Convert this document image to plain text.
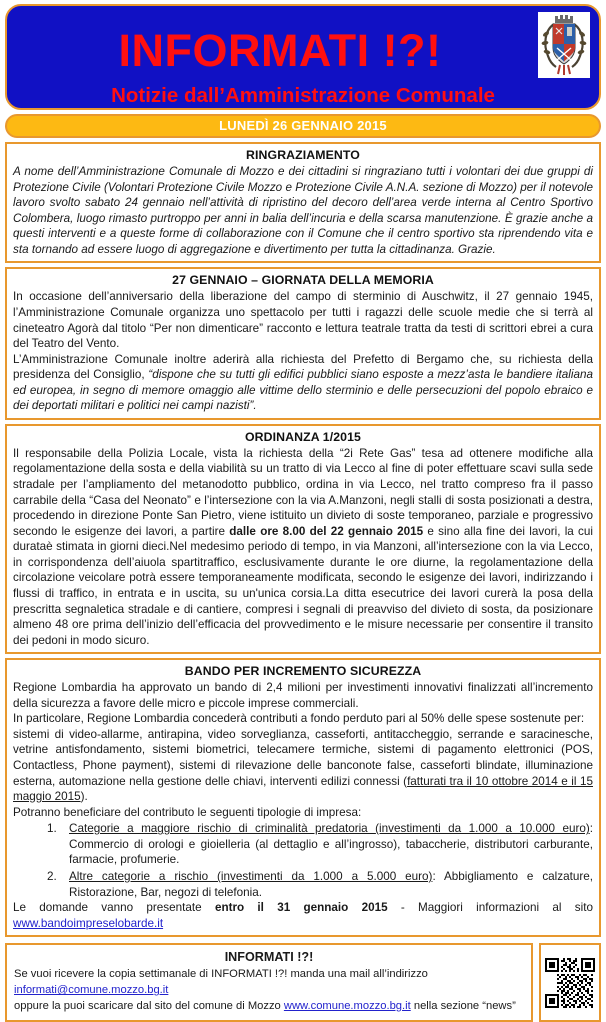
INFORMATI !?!
Notizie dall’Amministrazione Comunale
LUNEDÌ 26 GENNAIO 2015
RINGRAZIAMENTO

A nome dell’Amministrazione Comunale di Mozzo e dei cittadini si ringraziano tutti i volontari dei due gruppi di Protezione Civile (Volontari Protezione Civile Mozzo e Protezione Civile A.N.A. sezione di Mozzo) per il notevole lavoro svolto sabato 24 gennaio nell’attività di ripristino del decoro dell’area verde interna al Centro Sportivo Colombera, luogo rimasto purtroppo per anni in balia dell’incuria e della scarsa manutenzione. È grazie anche a questi interventi e a queste forme di collaborazione con il Comune che il centro sportivo sta riprendendo vita e sta tornando ad essere luogo di aggregazione e divertimento per tutta la cittadinanza. Grazie.

27 GENNAIO – GIORNATA DELLA MEMORIA

In occasione dell’anniversario della liberazione del campo di sterminio di Auschwitz, il 27 gennaio 1945, l’Amministrazione Comunale organizza uno spettacolo per tutti i ragazzi delle scuole medie che si terrà al cineteatro Agorà dal titolo “Per non dimenticare” racconto e lettura teatrale tratta da testi di scrittori ebrei a cura del Teatro del Vento.

L’Amministrazione Comunale inoltre aderirà alla richiesta del Prefetto di Bergamo che, su richiesta della presidenza del Consiglio, “dispone che su tutti gli edifici pubblici siano esposte a mezz’asta le bandiere italiana ed europea, in segno di memore omaggio alle vittime dello sterminio e delle persecuzioni del popolo ebraico e dei deportati militari e politici nei campi nazisti”.

ORDINANZA 1/2015

Il responsabile della Polizia Locale, vista la richiesta della “2i Rete Gas” tesa ad ottenere modifiche alla regolamentazione della sosta e della viabilità su un tratto di via Lecco al fine di poter effettuare scavi sulla sede stradale per l’ampliamento del metanodotto pubblico, ordina in via Lecco, nel tratto compreso fra il passo carrabile della “Casa del Neonato” e l’intersezione con la via A.Manzoni, negli stalli di sosta posizionati a destra, procedendo in direzione Ponte San Pietro, viene istituito un divieto di soste temporaneo, parziale e progressivo secondo le esigenze dei lavori, a partire dalle ore 8.00 del 22 gennaio 2015 e sino alla fine dei lavori, la cui durataè stimata in giorni dieci.Nel medesimo periodo di tempo, in via Manzoni, all’intersezione con la via Lecco, in corrispondenza dell’aiuola spartitraffico, esclusivamente durante le ore diurne, la regolamentazione della circolazione veicolare potrà essere temporaneamente modificata, secondo le esigenze dei lavori, indirizzando i flussi di traffico, in entrata e in uscita, su un'unica corsia.La ditta esecutrice dei lavori curerà la posa della prescritta segnaletica stradale e di cantiere, compresi i segnali di preavviso del divieto di sosta, da posizionare almeno 48 ore prima dell’inizio dell’efficacia del provvedimento e le misure necessarie per consentire il transito dei pedoni in modo sicuro.

BANDO PER INCREMENTO SICUREZZA

Regione Lombardia ha approvato un bando di 2,4 milioni per investimenti innovativi finalizzati all’incremento della sicurezza a favore delle micro e piccole imprese commerciali.

In particolare, Regione Lombardia concederà contributi a fondo perduto pari al 50% delle spese sostenute per:

sistemi di video-allarme, antirapina, video sorveglianza, casseforti, antitaccheggio, serrande e saracinesche, vetrine antisfondamento, sistemi biometrici, telecamere termiche, sistemi di pagamento elettronici (POS, Contactless, Phone payment), sistemi di rilevazione delle banconote false, casseforti blindate, illuminazione esterna, automazione nella gestione delle chiavi, interventi edilizi connessi (fatturati tra il 10 ottobre 2014 e il 15 maggio 2015).

Potranno beneficiare del contributo le seguenti tipologie di impresa:

1.	Categorie a maggiore rischio di criminalità predatoria (investimenti da 1.000 a 10.000 euro): Commercio di orologi e gioielleria (al dettaglio e all’ingrosso), tabaccherie, distributori carburante, farmacie, profumerie.
2.	Altre categorie a rischio (investimenti da 1.000 a 5.000 euro): Abbigliamento e calzature, Ristorazione, Bar, negozi di telefonia.

Le domande vanno presentate entro il 31 gennaio 2015 - Maggiori informazioni al sito www.bandoimpreselobarde.it

INFORMATI !?!

Se vuoi ricevere la copia settimanale di INFORMATI !?! manda una mail all’indirizzo informati@comune.mozzo.bg.it

oppure la puoi scaricare dal sito del comune di Mozzo www.comune.mozzo.bg.it nella sezione “news”
